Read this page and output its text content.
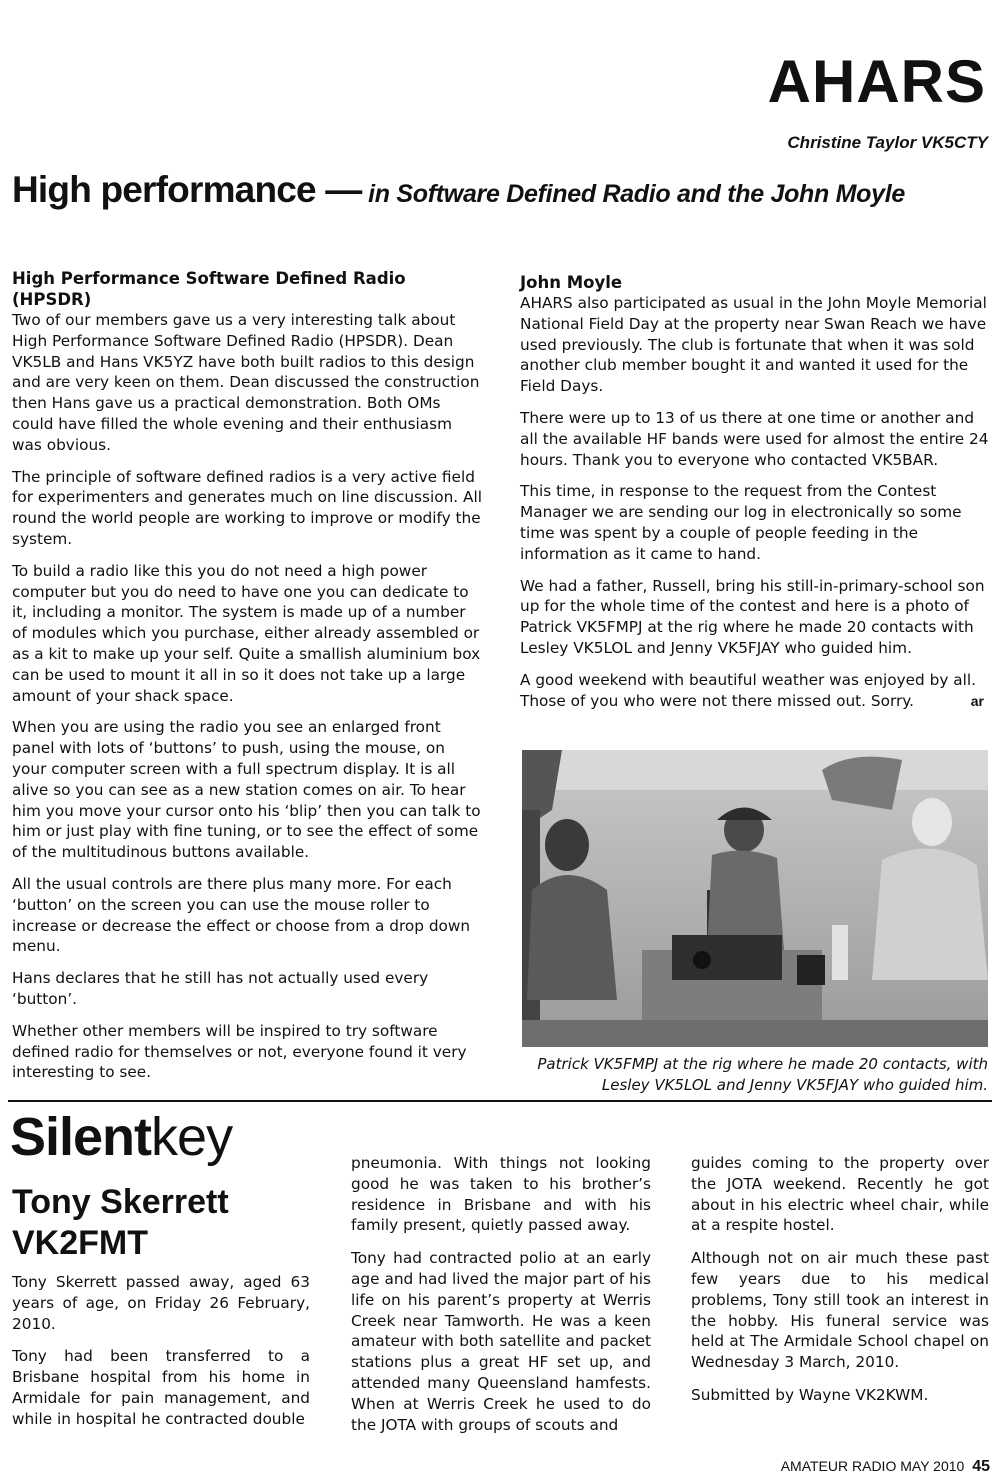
AHARS
Christine Taylor VK5CTY
High performance — in Software Defined Radio and the John Moyle
High Performance Software Defined Radio (HPSDR)

Two of our members gave us a very interesting talk about High Performance Software Defined Radio (HPSDR). Dean VK5LB and Hans VK5YZ have both built radios to this design and are very keen on them. Dean discussed the construction then Hans gave us a practical demonstration. Both OMs could have filled the whole evening and their enthusiasm was obvious.

The principle of software defined radios is a very active field for experimenters and generates much on line discussion. All round the world people are working to improve or modify the system.

To build a radio like this you do not need a high power computer but you do need to have one you can dedicate to it, including a monitor. The system is made up of a number of modules which you purchase, either already assembled or as a kit to make up your self. Quite a smallish aluminium box can be used to mount it all in so it does not take up a large amount of your shack space.

When you are using the radio you see an enlarged front panel with lots of ‘buttons’ to push, using the mouse, on your computer screen with a full spectrum display. It is all alive so you can see as a new station comes on air. To hear him you move your cursor onto his ‘blip’ then you can talk to him or just play with fine tuning, or to see the effect of some of the multitudinous buttons available.

All the usual controls are there plus many more. For each ‘button’ on the screen you can use the mouse roller to increase or decrease the effect or choose from a drop down menu.

Hans declares that he still has not actually used every ‘button’.

Whether other members will be inspired to try software defined radio for themselves or not, everyone found it very interesting to see.

John Moyle

AHARS also participated as usual in the John Moyle Memorial National Field Day at the property near Swan Reach we have used previously. The club is fortunate that when it was sold another club member bought it and wanted it used for the Field Days.

There were up to 13 of us there at one time or another and all the available HF bands were used for almost the entire 24 hours. Thank you to everyone who contacted VK5BAR.

This time, in response to the request from the Contest Manager we are sending our log in electronically so some time was spent by a couple of people feeding in the information as it came to hand.

We had a father, Russell, bring his still-in-primary-school son up for the whole time of the contest and here is a photo of Patrick VK5FMPJ at the rig where he made 20 contacts with Lesley VK5LOL and Jenny VK5FJAY who guided him.

A good weekend with beautiful weather was enjoyed by all. Those of you who were not there missed out. Sorry.	ar

Patrick VK5FMPJ at the rig where he made 20 contacts, with Lesley VK5LOL and Jenny VK5FJAY who guided him.
Silentkey
Tony Skerrett
VK2FMT

Tony Skerrett passed away, aged 63 years of age, on Friday 26 February, 2010.

Tony had been transferred to a Brisbane hospital from his home in Armidale for pain management, and while in hospital he contracted double

pneumonia. With things not looking good he was taken to his brother’s residence in Brisbane and with his family present, quietly passed away.

Tony had contracted polio at an early age and had lived the major part of his life on his parent’s property at Werris Creek near Tamworth. He was a keen amateur with both satellite and packet stations plus a great HF set up, and attended many Queensland hamfests. When at Werris Creek he used to do the JOTA with groups of scouts and

guides coming to the property over the JOTA weekend. Recently he got about in his electric wheel chair, while at a respite hostel.

Although not on air much these past few years due to his medical problems, Tony still took an interest in the hobby. His funeral service was held at The Armidale School chapel on Wednesday 3 March, 2010.

Submitted by Wayne VK2KWM.

AMATEUR RADIO MAY 2010 45
